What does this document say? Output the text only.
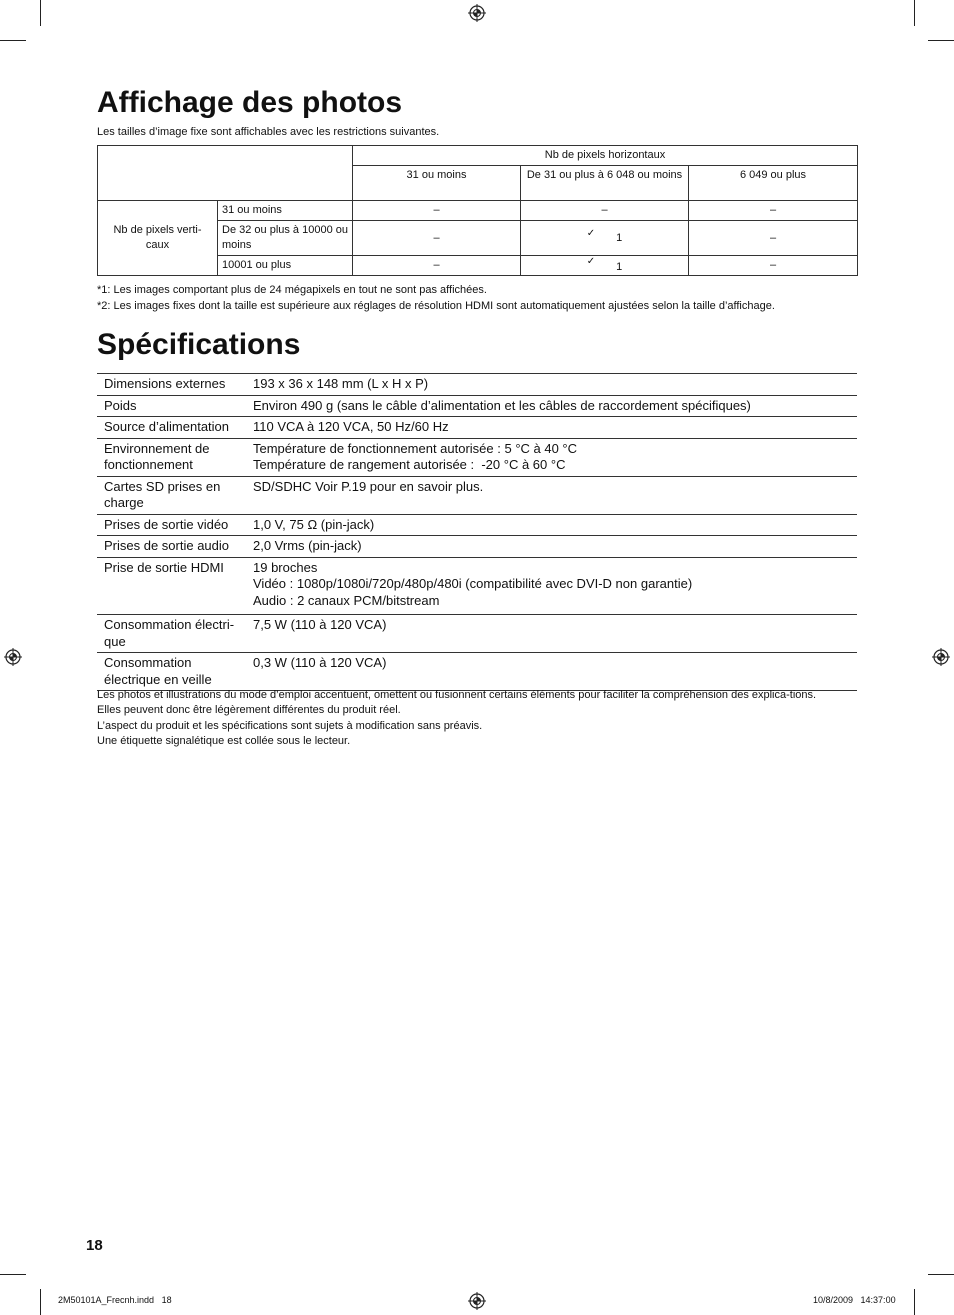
Affichage des photos
Les tailles d’image fixe sont affichables avec les restrictions suivantes.
		Nb de pixels horizontaux		
		31 ou moins	De 31 ou plus à 6 048 ou moins	6 049 ou plus
Nb de pixels verti-caux	31 ou moins	–	–	–
	De 32 ou plus à 10000 ou moins	–	✓ 1	–
	10001 ou plus	–	✓ 1	–
*1: Les images comportant plus de 24 mégapixels en tout ne sont pas affichées.
*2: Les images fixes dont la taille est supérieure aux réglages de résolution HDMI sont automatiquement ajustées selon la taille d’affichage.
Spécifications
Dimensions externes	193 x 36 x 148 mm (L x H x P)

Poids	Environ 490 g (sans le câble d’alimentation et les câbles de raccordement spécifiques)

Source d’alimentation	110 VCA à 120 VCA, 50 Hz/60 Hz

Environnement de fonctionnement	Température de fonctionnement autorisée : 5 °C à 40 °C
Température de rangement autorisée :  -20 °C à 60 °C

Cartes SD prises en charge	SD/SDHC Voir P.19 pour en savoir plus.

Prises de sortie vidéo	1,0 V, 75 Ω (pin-jack)

Prises de sortie audio	2,0 Vrms (pin-jack)

Prise de sortie HDMI	19 broches
Vidéo : 1080p/1080i/720p/480p/480i (compatibilité avec DVI-D non garantie)
Audio : 2 canaux PCM/bitstream

Consommation électri-que	7,5 W (110 à 120 VCA)

Consommation électrique en veille	0,3 W (110 à 120 VCA)
Les photos et illustrations du mode d’emploi accentuent, omettent ou fusionnent certains éléments pour faciliter la compréhension des explica-tions.
Elles peuvent donc être légèrement différentes du produit réel.
L’aspect du produit et les spécifications sont sujets à modification sans préavis.
Une étiquette signalétique est collée sous le lecteur.
18
2M50101A_Frecnh.indd   18	10/8/2009   14:37:00
